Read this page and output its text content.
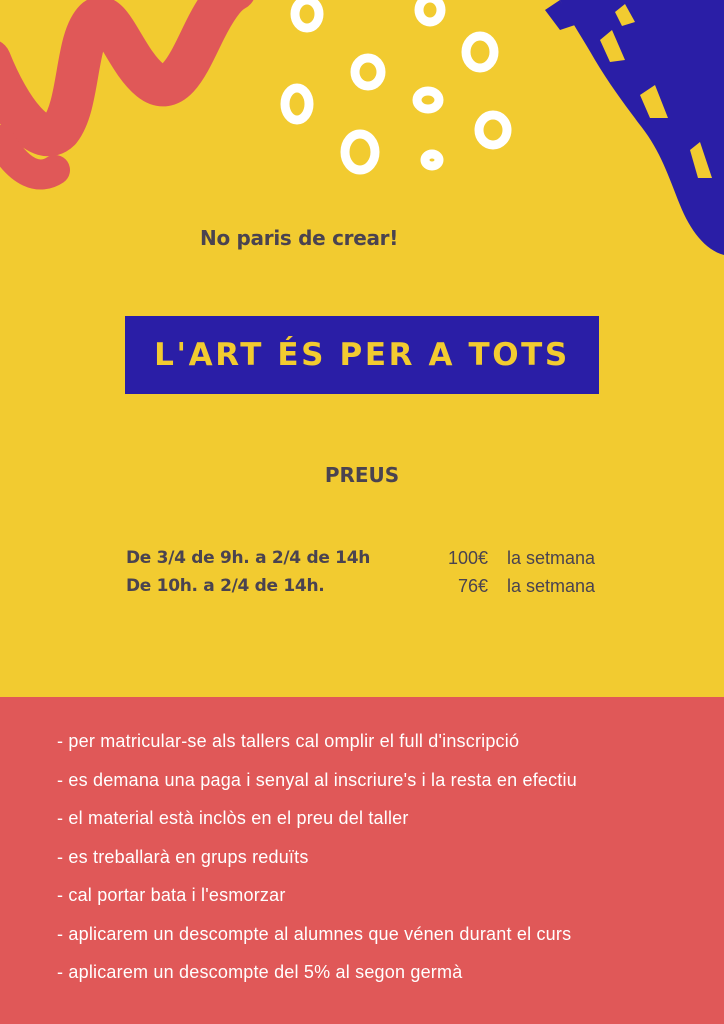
No paris de crear!
L'ART ÉS PER A TOTS
PREUS
De 3/4 de 9h. a 2/4 de 14h	100€ la setmana
De 10h. a 2/4 de 14h.	76€ la setmana
- per matricular-se als tallers cal omplir el full d'inscripció
- es demana una paga i senyal al inscriure's i la resta en efectiu
- el material està inclòs en el preu del taller
- es treballarà en grups reduïts
- cal portar bata i l'esmorzar
- aplicarem un descompte al alumnes que vénen durant el curs
- aplicarem un descompte del 5% al segon germà
